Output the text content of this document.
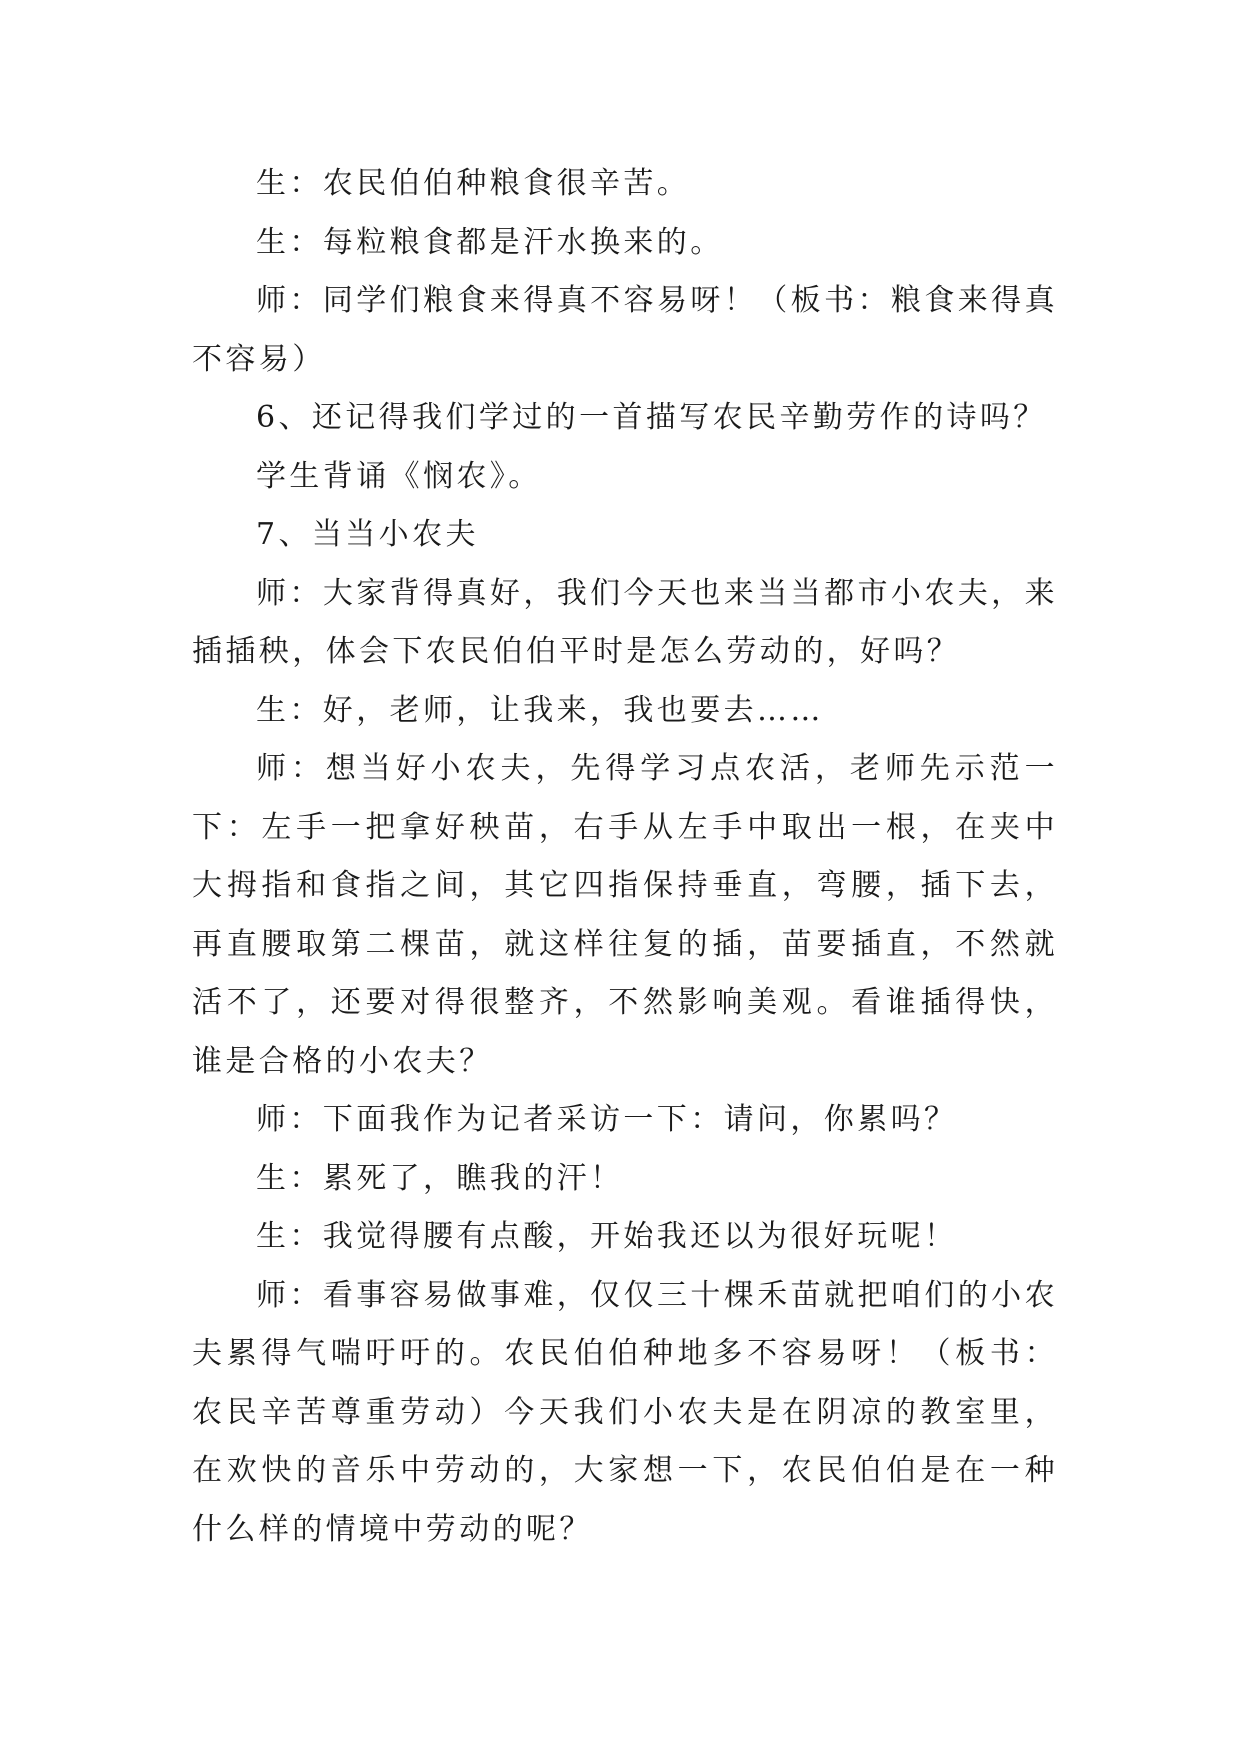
生：农民伯伯种粮食很辛苦。

生：每粒粮食都是汗水换来的。

师：同学们粮食来得真不容易呀！（板书：粮食来得真不容易）

6、还记得我们学过的一首描写农民辛勤劳作的诗吗？

学生背诵《悯农》。

7、当当小农夫

师：大家背得真好，我们今天也来当当都市小农夫，来插插秧，体会下农民伯伯平时是怎么劳动的，好吗？

生：好，老师，让我来，我也要去……

师：想当好小农夫，先得学习点农活，老师先示范一下：左手一把拿好秧苗，右手从左手中取出一根，在夹中大拇指和食指之间，其它四指保持垂直，弯腰，插下去，再直腰取第二棵苗，就这样往复的插，苗要插直，不然就活不了，还要对得很整齐，不然影响美观。看谁插得快，谁是合格的小农夫？

师：下面我作为记者采访一下：请问，你累吗？

生：累死了，瞧我的汗！

生：我觉得腰有点酸，开始我还以为很好玩呢！

师：看事容易做事难，仅仅三十棵禾苗就把咱们的小农夫累得气喘吁吁的。农民伯伯种地多不容易呀！（板书：农民辛苦尊重劳动）今天我们小农夫是在阴凉的教室里，在欢快的音乐中劳动的，大家想一下，农民伯伯是在一种什么样的情境中劳动的呢？
